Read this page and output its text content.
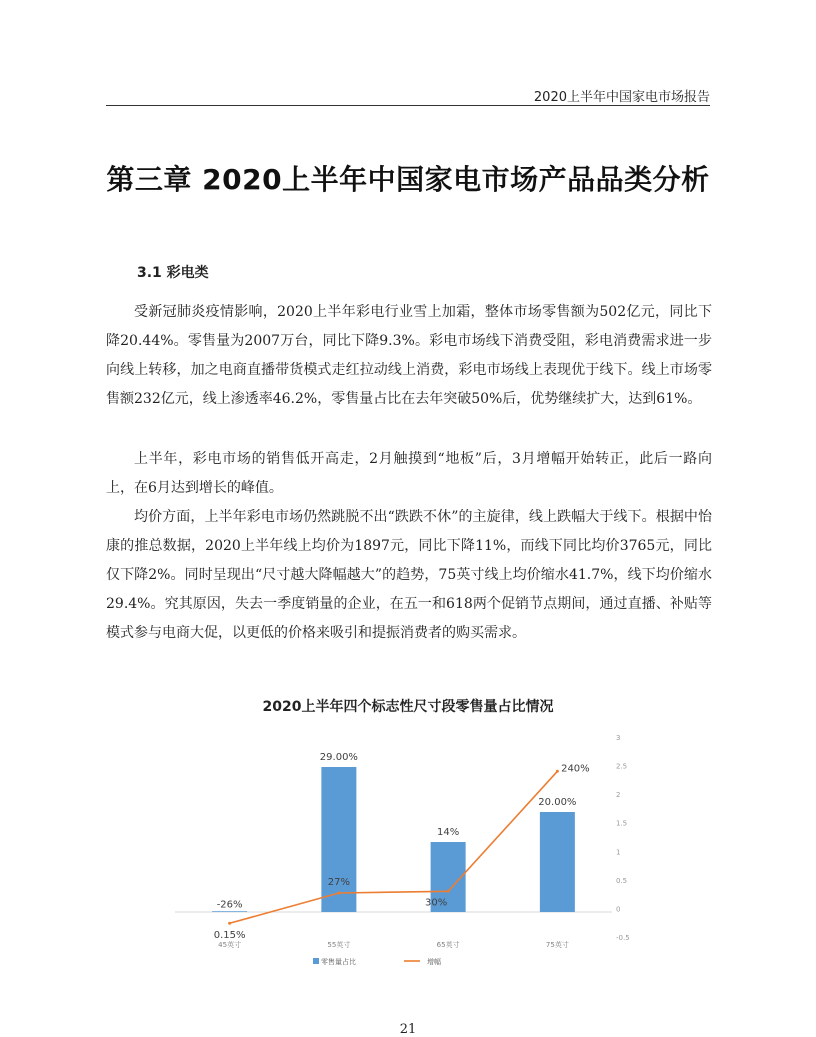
2020上半年中国家电市场报告
第三章 2020上半年中国家电市场产品品类分析
3.1 彩电类

受新冠肺炎疫情影响，2020上半年彩电行业雪上加霜，整体市场零售额为502亿元，同比下降20.44%。零售量为2007万台，同比下降9.3%。彩电市场线下消费受阻，彩电消费需求进一步向线上转移，加之电商直播带货模式走红拉动线上消费，彩电市场线上表现优于线下。线上市场零售额232亿元，线上渗透率46.2%，零售量占比在去年突破50%后，优势继续扩大，达到61%。

上半年，彩电市场的销售低开高走，2月触摸到“地板”后，3月增幅开始转正，此后一路向上，在6月达到增长的峰值。

均价方面，上半年彩电市场仍然跳脱不出“跌跌不休”的主旋律，线上跌幅大于线下。根据中怡康的推总数据，2020上半年线上均价为1897元，同比下降11%，而线下同比均价3765元，同比仅下降2%。同时呈现出“尺寸越大降幅越大”的趋势，75英寸线上均价缩水41.7%，线下均价缩水29.4%。究其原因，失去一季度销量的企业，在五一和618两个促销节点期间，通过直播、补贴等模式参与电商大促，以更低的价格来吸引和提振消费者的购买需求。

2020上半年四个标志性尺寸段零售量占比情况
0.15%
29.00%
14%
20.00%
-26%
27%
30%
240%
-0.5
0
0.5
1
1.5
2
2.5
3
45英寸	55英寸	65英寸	75英寸
零售量占比	增幅
21
